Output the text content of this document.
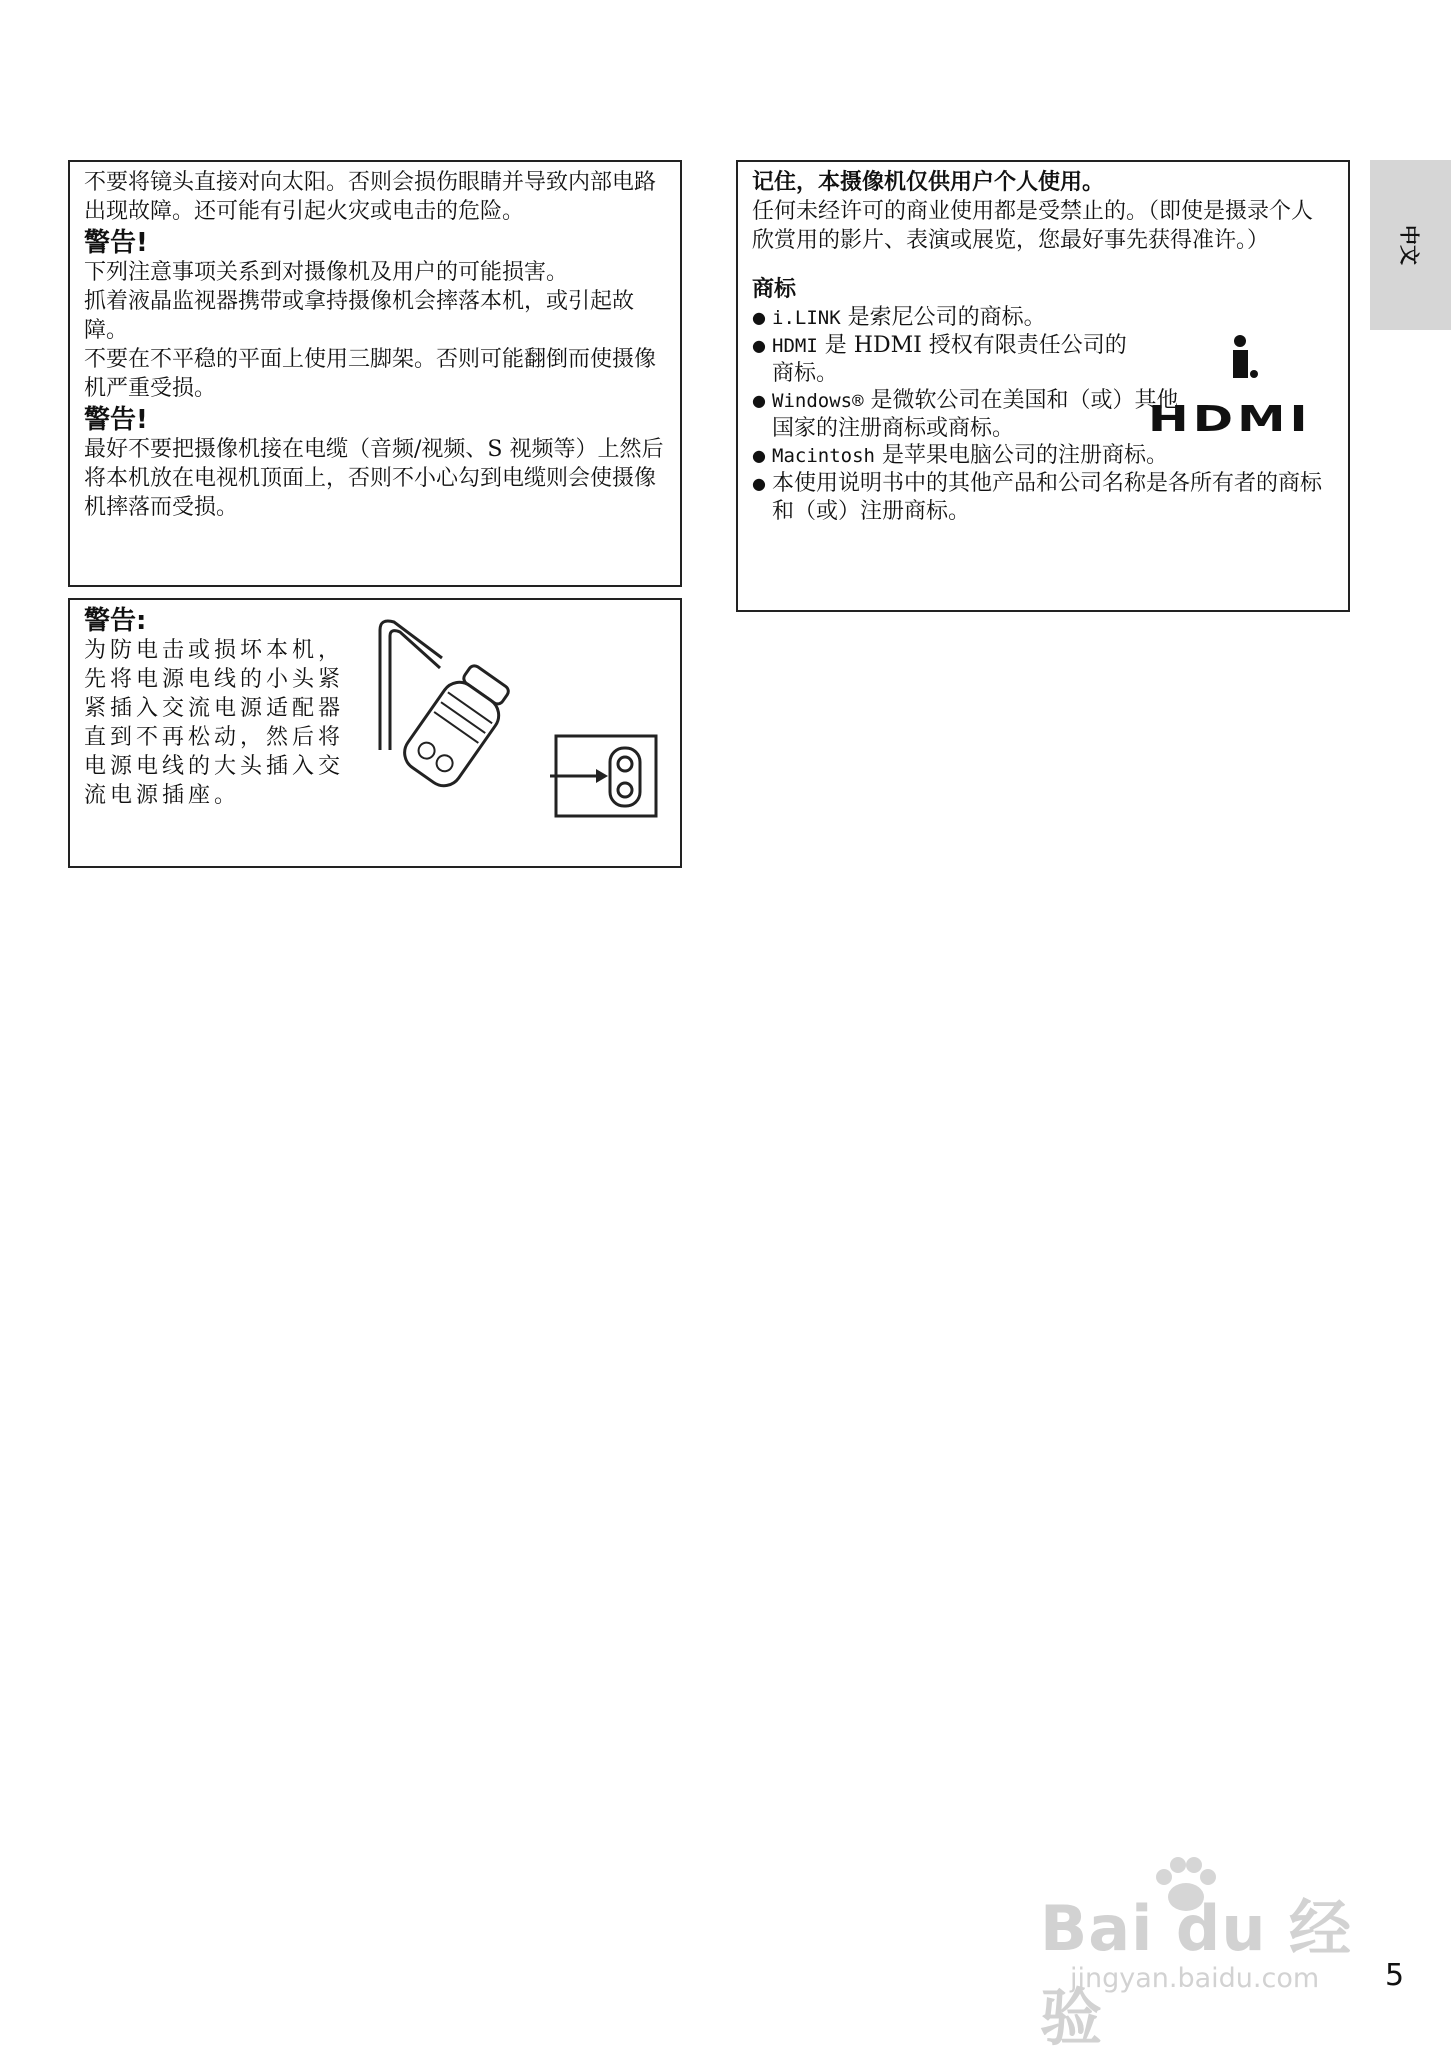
不要将镜头直接对向太阳。否则会损伤眼睛并导致内部电路出现故障。还可能有引起火灾或电击的危险。

警告!

下列注意事项关系到对摄像机及用户的可能损害。

抓着液晶监视器携带或拿持摄像机会摔落本机，或引起故障。

不要在不平稳的平面上使用三脚架。否则可能翻倒而使摄像机严重受损。

警告!

最好不要把摄像机接在电缆（音频/视频、S 视频等）上然后将本机放在电视机顶面上，否则不小心勾到电缆则会使摄像机摔落而受损。

警告:

为防电击或损坏本机，先将电源电线的小头紧紧插入交流电源适配器直到不再松动，然后将电源电线的大头插入交流电源插座。

记住，本摄像机仅供用户个人使用。

任何未经许可的商业使用都是受禁止的。（即使是摄录个人欣赏用的影片、表演或展览，您最好事先获得准许。）

商标

● i.LINK 是索尼公司的商标。
● HDMI 是 HDMI 授权有限责任公司的商标。
● Windows® 是微软公司在美国和（或）其他国家的注册商标或商标。
● Macintosh 是苹果电脑公司的注册商标。
● 本使用说明书中的其他产品和公司名称是各所有者的商标和（或）注册商标。
HDMI
中文
Bai du 经验
jingyan.baidu.com 5
